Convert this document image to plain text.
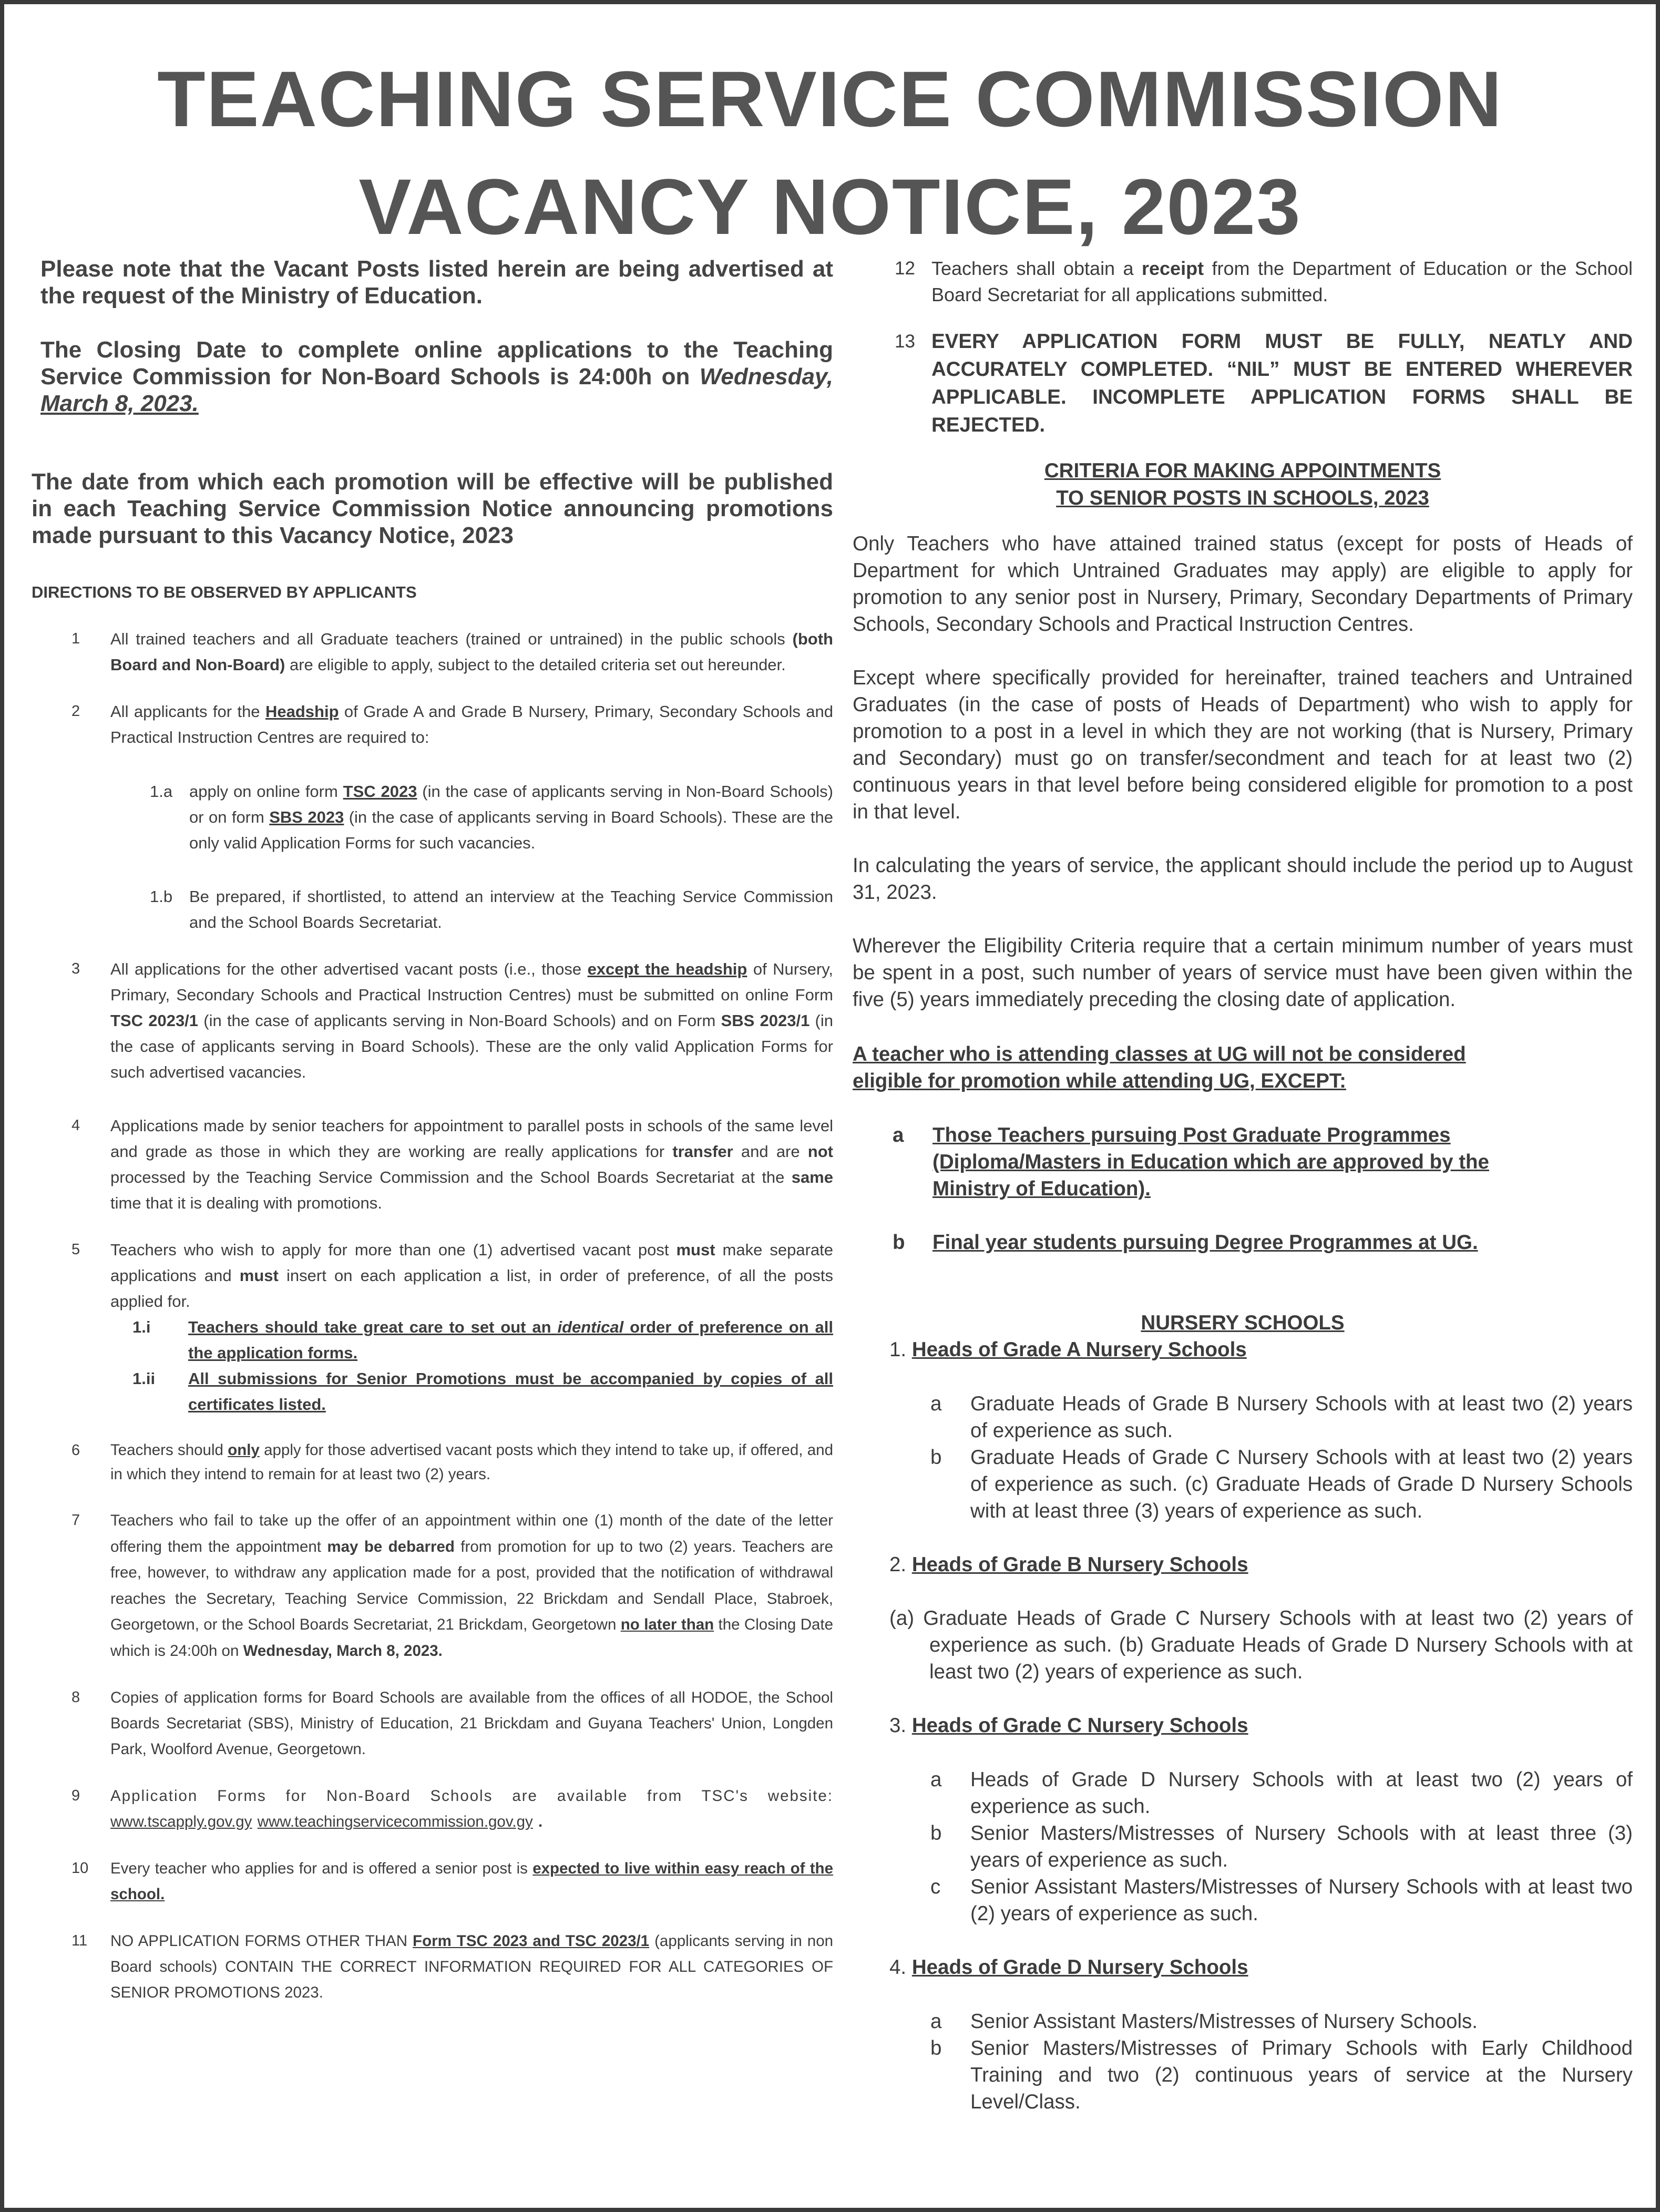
TEACHING SERVICE COMMISSION
VACANCY NOTICE, 2023

Please note that the Vacant Posts listed herein are being advertised at the request of the Ministry of Education.

The Closing Date to complete online applications to the Teaching Service Commission for Non-Board Schools is 24:00h on Wednesday, March 8, 2023.

The date from which each promotion will be effective will be published in each Teaching Service Commission Notice announcing promotions made pursuant to this Vacancy Notice, 2023

DIRECTIONS TO BE OBSERVED BY APPLICANTS
1 All trained teachers and all Graduate teachers (trained or untrained) in the public schools (both Board and Non-Board) are eligible to apply, subject to the detailed criteria set out hereunder.
2 All applicants for the Headship of Grade A and Grade B Nursery, Primary, Secondary Schools and Practical Instruction Centres are required to:
1.a apply on online form TSC 2023 (in the case of applicants serving in Non-Board Schools) or on form SBS 2023 (in the case of applicants serving in Board Schools). These are the only valid Application Forms for such vacancies.
1.b Be prepared, if shortlisted, to attend an interview at the Teaching Service Commission and the School Boards Secretariat.
3 All applications for the other advertised vacant posts (i.e., those except the headship of Nursery, Primary, Secondary Schools and Practical Instruction Centres) must be submitted on online Form TSC 2023/1 (in the case of applicants serving in Non-Board Schools) and on Form SBS 2023/1 (in the case of applicants serving in Board Schools). These are the only valid Application Forms for such advertised vacancies.
4 Applications made by senior teachers for appointment to parallel posts in schools of the same level and grade as those in which they are working are really applications for transfer and are not processed by the Teaching Service Commission and the School Boards Secretariat at the same time that it is dealing with promotions.
5 Teachers who wish to apply for more than one (1) advertised vacant post must make separate applications and must insert on each application a list, in order of preference, of all the posts applied for.
1.i Teachers should take great care to set out an identical order of preference on all the application forms.
1.ii All submissions for Senior Promotions must be accompanied by copies of all certificates listed.
6 Teachers should only apply for those advertised vacant posts which they intend to take up, if offered, and in which they intend to remain for at least two (2) years.
7 Teachers who fail to take up the offer of an appointment within one (1) month of the date of the letter offering them the appointment may be debarred from promotion for up to two (2) years. Teachers are free, however, to withdraw any application made for a post, provided that the notification of withdrawal reaches the Secretary, Teaching Service Commission, 22 Brickdam and Sendall Place, Stabroek, Georgetown, or the School Boards Secretariat, 21 Brickdam, Georgetown no later than the Closing Date which is 24:00h on Wednesday, March 8, 2023.
8 Copies of application forms for Board Schools are available from the offices of all HODOE, the School Boards Secretariat (SBS), Ministry of Education, 21 Brickdam and Guyana Teachers' Union, Longden Park, Woolford Avenue, Georgetown.
9 Application Forms for Non-Board Schools are available from TSC's website: www.tscapply.gov.gy www.teachingservicecommission.gov.gy .
10 Every teacher who applies for and is offered a senior post is expected to live within easy reach of the school.
11 NO APPLICATION FORMS OTHER THAN Form TSC 2023 and TSC 2023/1 (applicants serving in non Board schools) CONTAIN THE CORRECT INFORMATION REQUIRED FOR ALL CATEGORIES OF SENIOR PROMOTIONS 2023.
12 Teachers shall obtain a receipt from the Department of Education or the School Board Secretariat for all applications submitted.
13 EVERY APPLICATION FORM MUST BE FULLY, NEATLY AND ACCURATELY COMPLETED. “NIL” MUST BE ENTERED WHEREVER APPLICABLE. INCOMPLETE APPLICATION FORMS SHALL BE REJECTED.
CRITERIA FOR MAKING APPOINTMENTS
TO SENIOR POSTS IN SCHOOLS, 2023
Only Teachers who have attained trained status (except for posts of Heads of Department for which Untrained Graduates may apply) are eligible to apply for promotion to any senior post in Nursery, Primary, Secondary Departments of Primary Schools, Secondary Schools and Practical Instruction Centres.
Except where specifically provided for hereinafter, trained teachers and Untrained Graduates (in the case of posts of Heads of Department) who wish to apply for promotion to a post in a level in which they are not working (that is Nursery, Primary and Secondary) must go on transfer/secondment and teach for at least two (2) continuous years in that level before being considered eligible for promotion to a post in that level.
In calculating the years of service, the applicant should include the period up to August 31, 2023.
Wherever the Eligibility Criteria require that a certain minimum number of years must be spent in a post, such number of years of service must have been given within the five (5) years immediately preceding the closing date of application.
A teacher who is attending classes at UG will not be considered eligible for promotion while attending UG, EXCEPT:
a Those Teachers pursuing Post Graduate Programmes (Diploma/Masters in Education which are approved by the Ministry of Education).
b Final year students pursuing Degree Programmes at UG.
NURSERY SCHOOLS
1. Heads of Grade A Nursery Schools
a Graduate Heads of Grade B Nursery Schools with at least two (2) years of experience as such.
b Graduate Heads of Grade C Nursery Schools with at least two (2) years of experience as such. (c) Graduate Heads of Grade D Nursery Schools with at least three (3) years of experience as such.
2. Heads of Grade B Nursery Schools
(a) Graduate Heads of Grade C Nursery Schools with at least two (2) years of experience as such. (b) Graduate Heads of Grade D Nursery Schools with at least two (2) years of experience as such.
3. Heads of Grade C Nursery Schools
a Heads of Grade D Nursery Schools with at least two (2) years of experience as such.
b Senior Masters/Mistresses of Nursery Schools with at least three (3) years of experience as such.
c Senior Assistant Masters/Mistresses of Nursery Schools with at least two (2) years of experience as such.
4. Heads of Grade D Nursery Schools
a Senior Assistant Masters/Mistresses of Nursery Schools.
b Senior Masters/Mistresses of Primary Schools with Early Childhood Training and two (2) continuous years of service at the Nursery Level/Class.
